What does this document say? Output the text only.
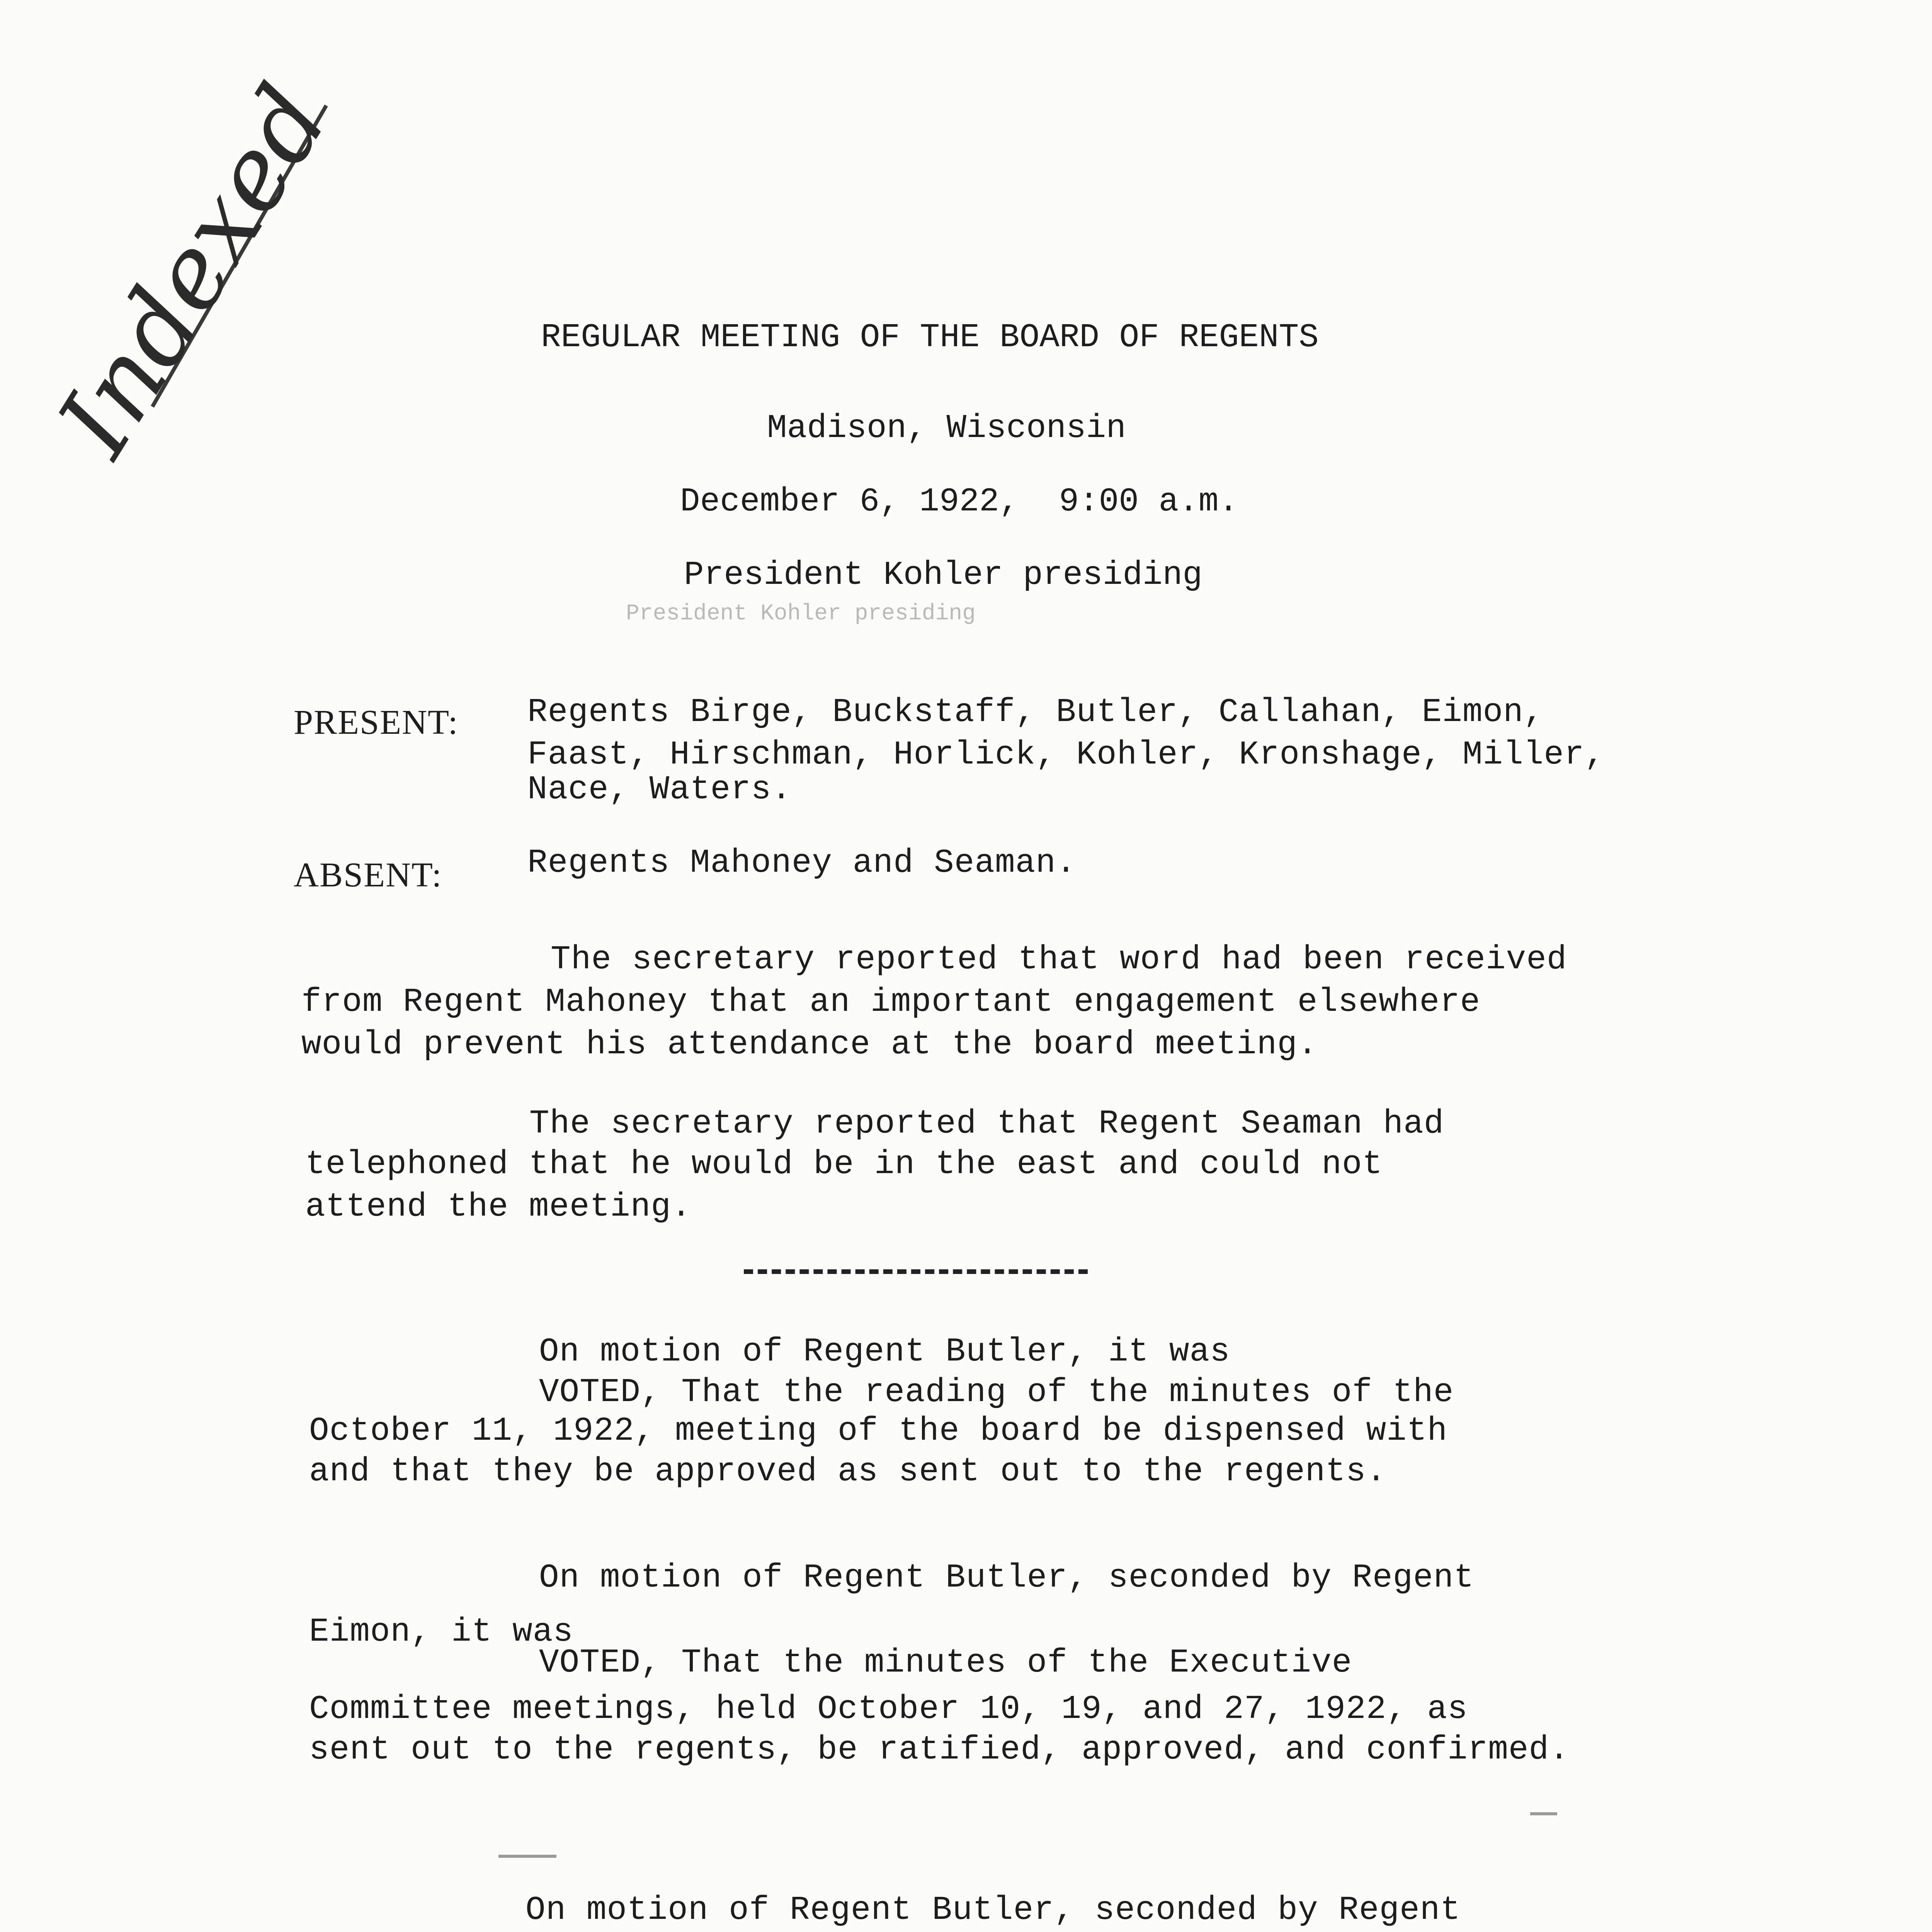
Indexed	REGULAR MEETING OF THE BOARD OF REGENTS
Madison, Wisconsin
December 6, 1922,  9:00 a.m.
President Kohler presiding
President Kohler presiding
PRESENT: Regents Birge, Buckstaff, Butler, Callahan, Eimon,
Faast, Hirschman, Horlick, Kohler, Kronshage, Miller,
Nace, Waters.
ABSENT:	Regents Mahoney and Seaman.
The secretary reported that word had been received
from Regent Mahoney that an important engagement elsewhere
would prevent his attendance at the board meeting.
The secretary reported that Regent Seaman had
telephoned that he would be in the east and could not
attend the meeting.
On motion of Regent Butler, it was
VOTED, That the reading of the minutes of the
October 11, 1922, meeting of the board be dispensed with
and that they be approved as sent out to the regents.
On motion of Regent Butler, seconded by Regent
Eimon, it was
VOTED, That the minutes of the Executive
Committee meetings, held October 10, 19, and 27, 1922, as
sent out to the regents, be ratified, approved, and confirmed.
On motion of Regent Butler, seconded by Regent
